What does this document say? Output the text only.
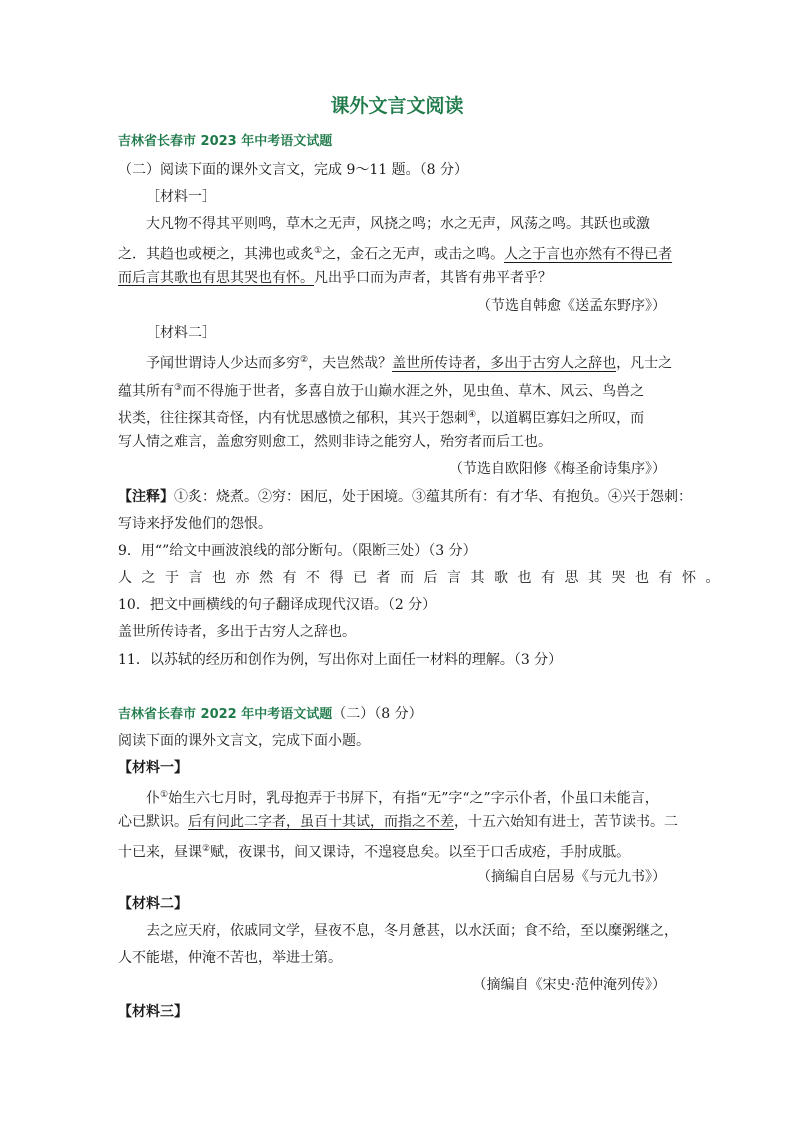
课外文言文阅读
吉林省长春市 2023 年中考语文试题
（二）阅读下面的课外文言文，完成 9～11 题。（8 分）
［材料一］
大凡物不得其平则鸣，草木之无声，风挠之鸣；水之无声，风荡之鸣。其跃也或激
之．其趋也或梗之，其沸也或炙①之，金石之无声，或击之鸣。人之于言也亦然有不得已者
而后言其歌也有思其哭也有怀。凡出乎口而为声者，其皆有弗平者乎？
（节选自韩愈《送孟东野序》）
［材料二］
予闻世谓诗人少达而多穷②，夫岂然哉？盖世所传诗者，多出于古穷人之辞也，凡士之
蕴其所有③而不得施于世者，多喜自放于山巅水涯之外，见虫鱼、草木、风云、鸟兽之
状类，往往探其奇怪，内有忧思感愤之郁积，其兴于怨刺④，以道羁臣寡妇之所叹，而
写人情之难言，盖愈穷则愈工，然则非诗之能穷人，殆穷者而后工也。
（节选自欧阳修《梅圣俞诗集序》）
【注释】①炙：烧煮。②穷：困厄，处于困境。③蕴其所有：有才华、有抱负。④兴于怨刺：
写诗来抒发他们的怨恨。
9．用“”给文中画波浪线的部分断句。（限断三处）（3 分）
人之于言也亦然有不得已者而后言其歌也有思其哭也有怀。
10．把文中画横线的句子翻译成现代汉语。（2 分）
盖世所传诗者，多出于古穷人之辞也。
11．以苏轼的经历和创作为例，写出你对上面任一材料的理解。（3 分）
吉林省长春市 2022 年中考语文试题（二）（8 分）
阅读下面的课外文言文，完成下面小题。
【材料一】
仆①始生六七月时，乳母抱弄于书屏下，有指“无”字“之”字示仆者，仆虽口未能言，
心已默识。后有问此二字者，虽百十其试，而指之不差，十五六始知有进士，苦节读书。二
十已来，昼课②赋，夜课书，间又课诗，不遑寝息矣。以至于口舌成疮，手肘成胝。
（摘编自白居易《与元九书》）
【材料二】
去之应天府，依戚同文学，昼夜不息，冬月惫甚，以水沃面；食不给，至以糜粥继之，
人不能堪，仲淹不苦也，举进士第。
（摘编自《宋史·范仲淹列传》）
【材料三】
